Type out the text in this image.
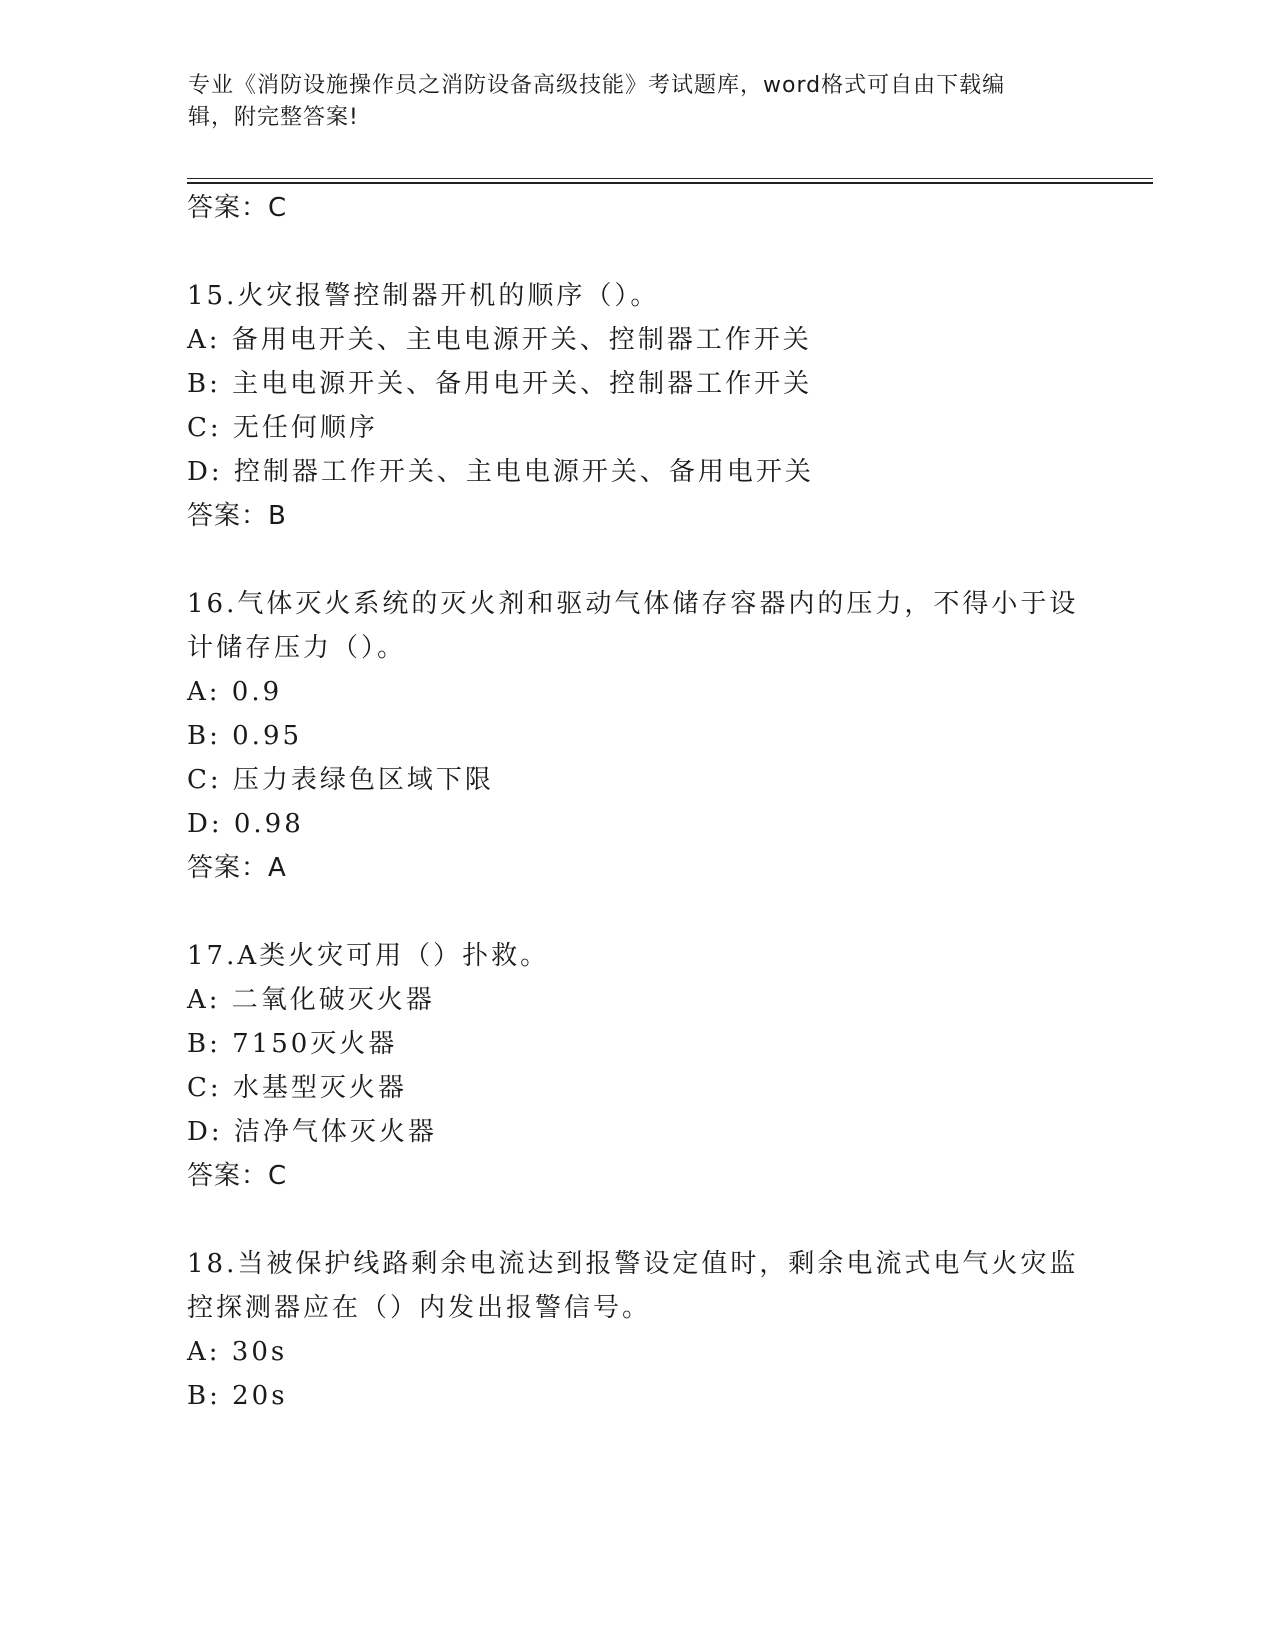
专业《消防设施操作员之消防设备高级技能》考试题库，word格式可自由下载编
辑，附完整答案!
答案：C
15.火灾报警控制器开机的顺序（）。
A: 备用电开关、主电电源开关、控制器工作开关
B: 主电电源开关、备用电开关、控制器工作开关
C: 无任何顺序
D: 控制器工作开关、主电电源开关、备用电开关
答案：B
16.气体灭火系统的灭火剂和驱动气体储存容器内的压力，不得小于设
计储存压力（）。
A: 0.9
B: 0.95
C: 压力表绿色区域下限
D: 0.98
答案：A
17.A类火灾可用（）扑救。
A: 二氧化破灭火器
B: 7150灭火器
C: 水基型灭火器
D: 洁净气体灭火器
答案：C
18.当被保护线路剩余电流达到报警设定值时，剩余电流式电气火灾监
控探测器应在（）内发出报警信号。
A: 30s
B: 20s
